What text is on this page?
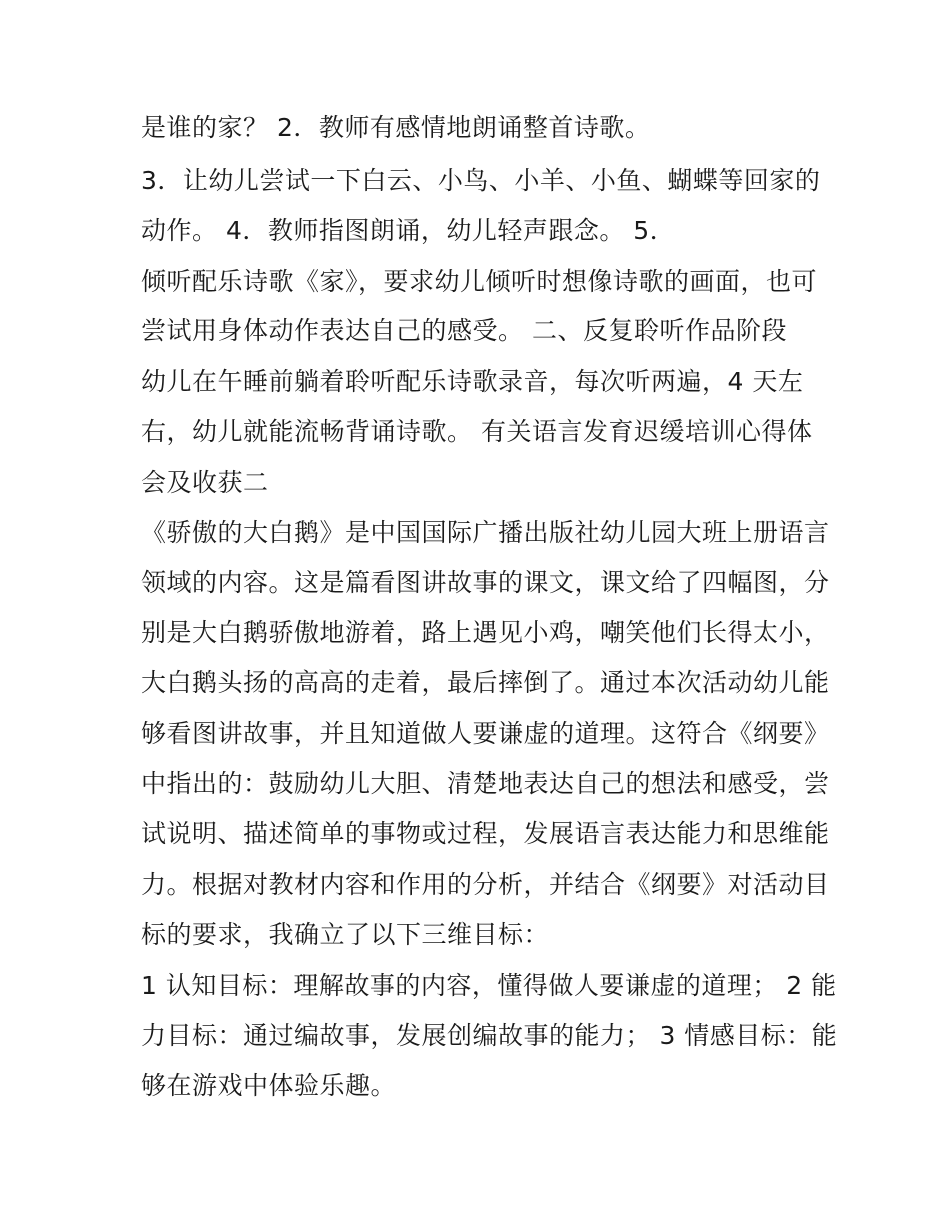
是谁的家？ 2．教师有感情地朗诵整首诗歌。
3．让幼儿尝试一下白云、小鸟、小羊、小鱼、蝴蝶等回家的
动作。 4．教师指图朗诵，幼儿轻声跟念。 5．
倾听配乐诗歌《家》，要求幼儿倾听时想像诗歌的画面，也可
尝试用身体动作表达自己的感受。 二、反复聆听作品阶段
幼儿在午睡前躺着聆听配乐诗歌录音，每次听两遍，4 天左
右，幼儿就能流畅背诵诗歌。 有关语言发育迟缓培训心得体
会及收获二
《骄傲的大白鹅》是中国国际广播出版社幼儿园大班上册语言
领域的内容。这是篇看图讲故事的课文，课文给了四幅图，分
别是大白鹅骄傲地游着，路上遇见小鸡，嘲笑他们长得太小，
大白鹅头扬的高高的走着，最后摔倒了。通过本次活动幼儿能
够看图讲故事，并且知道做人要谦虚的道理。这符合《纲要》
中指出的：鼓励幼儿大胆、清楚地表达自己的想法和感受，尝
试说明、描述简单的事物或过程，发展语言表达能力和思维能
力。根据对教材内容和作用的分析，并结合《纲要》对活动目
标的要求，我确立了以下三维目标：
1 认知目标：理解故事的内容，懂得做人要谦虚的道理； 2 能
力目标：通过编故事，发展创编故事的能力； 3 情感目标：能
够在游戏中体验乐趣。
